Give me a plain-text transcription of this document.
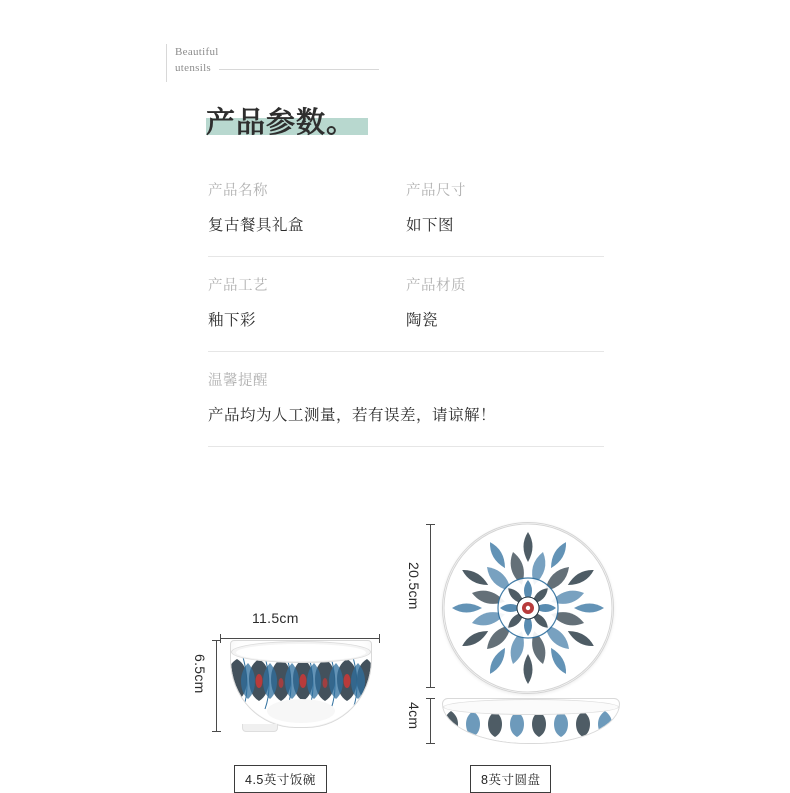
Beautiful
utensils
产品参数。
产品名称
复古餐具礼盒
产品尺寸
如下图
产品工艺
釉下彩
产品材质
陶瓷
温馨提醒
产品均为人工测量，若有误差，请谅解！
11.5cm
6.5cm
4.5英寸饭碗
20.5cm
4cm
8英寸圆盘
